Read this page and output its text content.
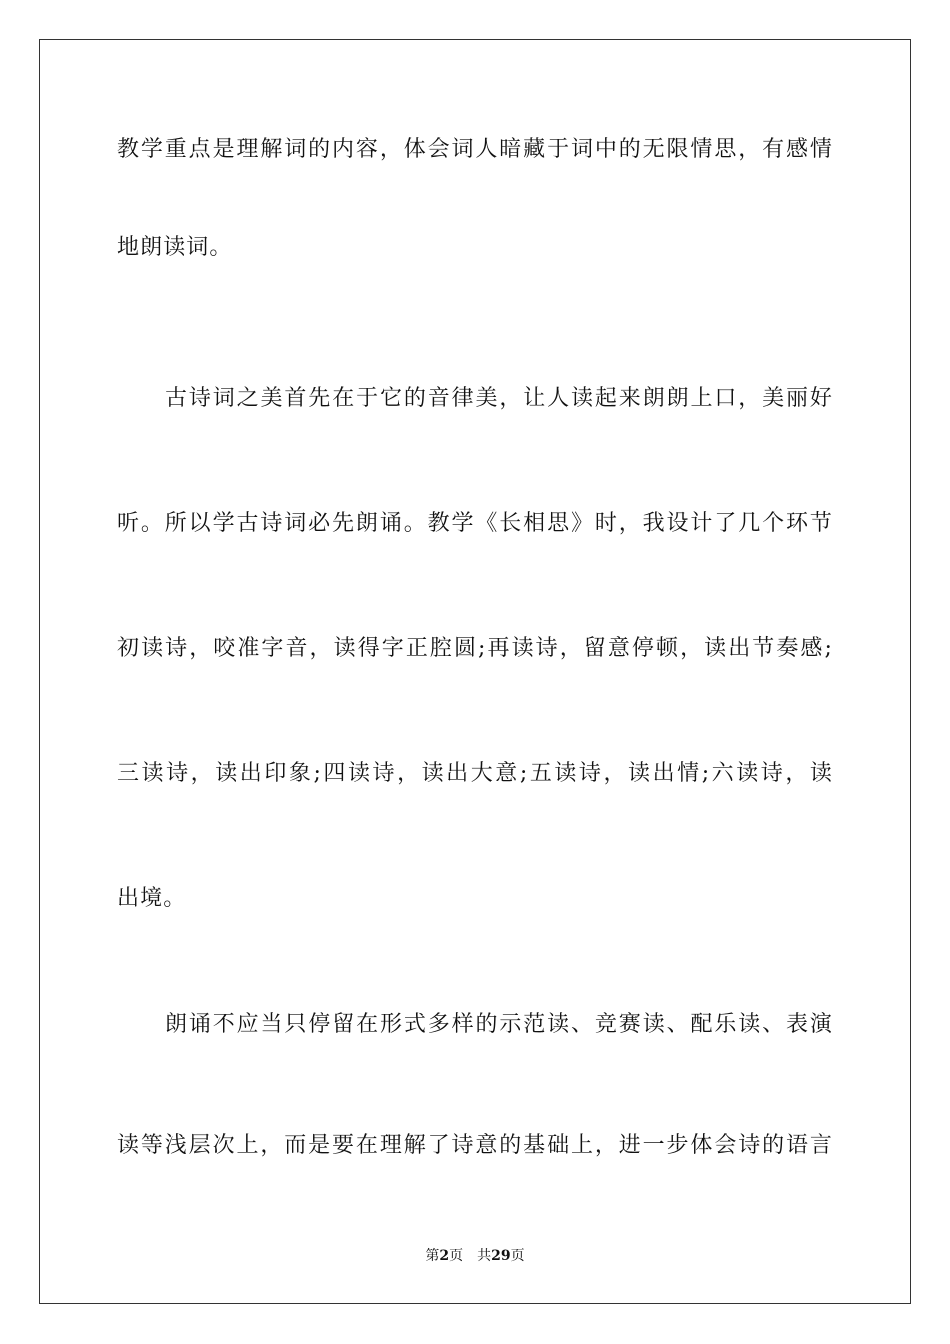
教学重点是理解词的内容，体会词人暗藏于词中的无限情思，有感情
地朗读词。
古诗词之美首先在于它的音律美，让人读起来朗朗上口，美丽好
听。所以学古诗词必先朗诵。教学《长相思》时，我设计了几个环节
初读诗，咬准字音，读得字正腔圆;再读诗，留意停顿，读出节奏感;
三读诗，读出印象;四读诗，读出大意;五读诗，读出情;六读诗，读
出境。
朗诵不应当只停留在形式多样的示范读、竞赛读、配乐读、表演
读等浅层次上，而是要在理解了诗意的基础上，进一步体会诗的语言
第2页 共29页
